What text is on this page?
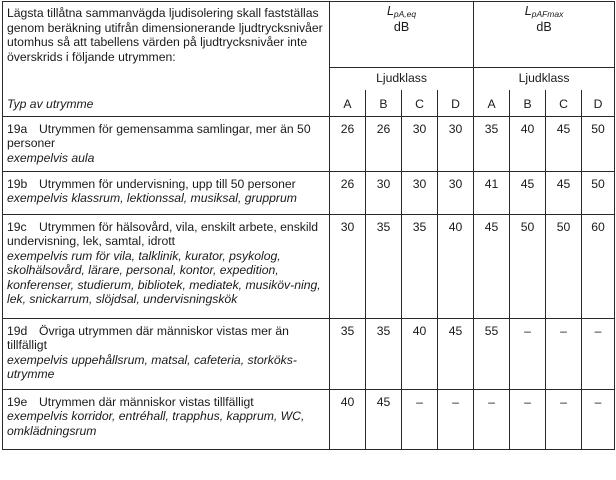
Lägsta tillåtna sammanvägda ljudisolering skall fastställas genom beräkning utifrån dimensionerande ljudtrycksnivåer utomhus så att tabellens värden på ljudtrycksnivåer inte överskrids i följande utrymmen:	$L_{pA,eq}$
dB				$L_{pAFmax}$
dB			

	Ljudklass				Ljudklass			
Typ av utrymme	A	B	C	D	A	B	C	D
19a Utrymmen för gemensamma samlingar, mer än 50 personer
exempelvis aula	26	26	30	30	35	40	45	50
19b Utrymmen för undervisning, upp till 50 personer
exempelvis klassrum, lektionssal, musiksal, grupprum	26	30	30	30	41	45	45	50
19c Utrymmen för hälsovård, vila, enskilt arbete, enskild undervisning, lek, samtal, idrott
exempelvis rum för vila, talklinik, kurator, psykolog, skolhälsovård, lärare, personal, kontor, expedition, konferenser, studierum, bibliotek, mediatek, musiköv-ning, lek, snickarrum, slöjdsal, undervisningskök	30	35	35	40	45	50	50	60
19d Övriga utrymmen där människor vistas mer än tillfälligt
exempelvis uppehållsrum, matsal, cafeteria, storköks-utrymme	35	35	40	45	55	–	–	–
19e Utrymmen där människor vistas tillfälligt
exempelvis korridor, entréhall, trapphus, kapprum, WC, omklädningsrum	40	45	–	–	–	–	–	–
